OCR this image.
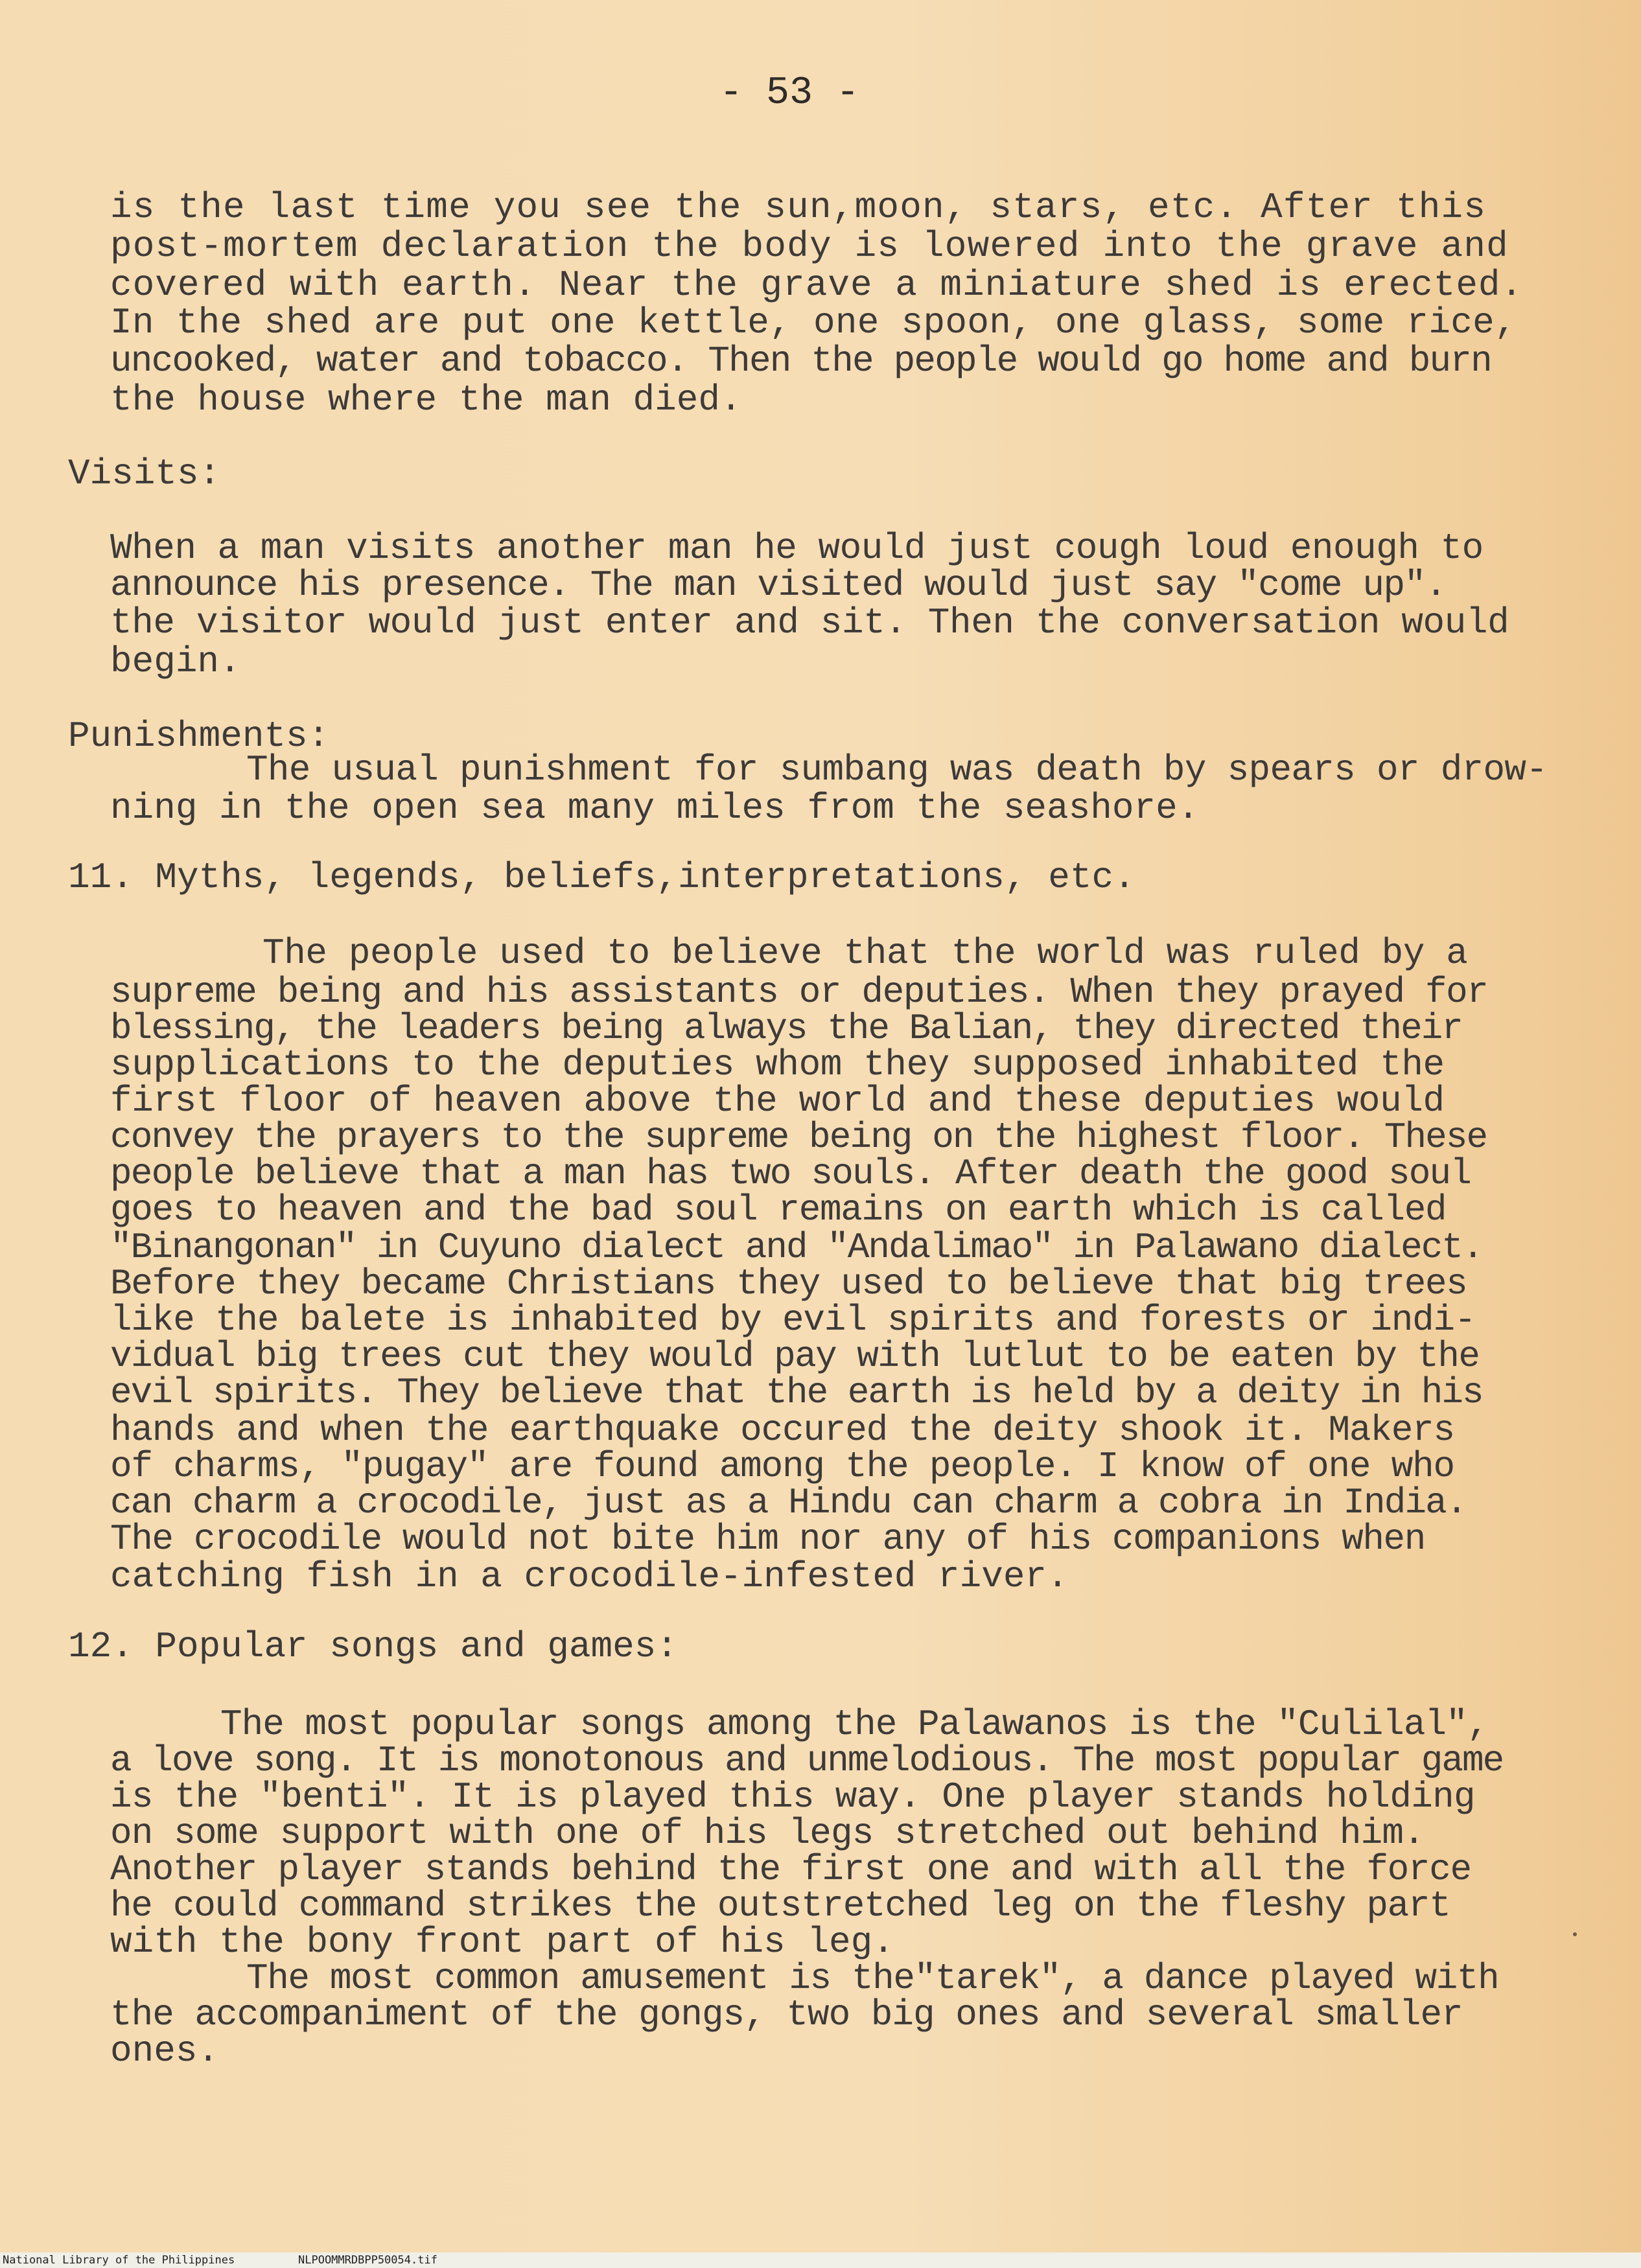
- 53 -
is the last time you see the sun,moon, stars, etc. After this
post-mortem declaration the body is lowered into the grave and
covered with earth. Near the grave a miniature shed is erected.
In the shed are put one kettle, one spoon, one glass, some rice,
uncooked, water and tobacco. Then the people would go home and burn
the house where the man died.
Visits:
When a man visits another man he would just cough loud enough to
announce his presence. The man visited would just say "come up".
the visitor would just enter and sit. Then the conversation would
begin.
Punishments:
The usual punishment for sumbang was death by spears or drow-
ning in the open sea many miles from the seashore.
11. Myths, legends, beliefs,interpretations, etc.
The people used to believe that the world was ruled by a
supreme being and his assistants or deputies. When they prayed for
blessing, the leaders being always the Balian, they directed their
supplications to the deputies whom they supposed inhabited the
first floor of heaven above the world and these deputies would
convey the prayers to the supreme being on the highest floor. These
people believe that a man has two souls. After death the good soul
goes to heaven and the bad soul remains on earth which is called
"Binangonan" in Cuyuno dialect and "Andalimao" in Palawano dialect.
Before they became Christians they used to believe that big trees
like the balete is inhabited by evil spirits and forests or indi-
vidual big trees cut they would pay with lutlut to be eaten by the
evil spirits. They believe that the earth is held by a deity in his
hands and when the earthquake occured the deity shook it. Makers
of charms, "pugay" are found among the people. I know of one who
can charm a crocodile, just as a Hindu can charm a cobra in India.
The crocodile would not bite him nor any of his companions when
catching fish in a crocodile-infested river.
12. Popular songs and games:
The most popular songs among the Palawanos is the "Culilal",
a love song. It is monotonous and unmelodious. The most popular game
is the "benti". It is played this way. One player stands holding
on some support with one of his legs stretched out behind him.
Another player stands behind the first one and with all the force
he could command strikes the outstretched leg on the fleshy part
with the bony front part of his leg.
The most common amusement is the"tarek", a dance played with
the accompaniment of the gongs, two big ones and several smaller
ones.
National Library of the Philippines	NLPOOMMRDBPP50054.tif
